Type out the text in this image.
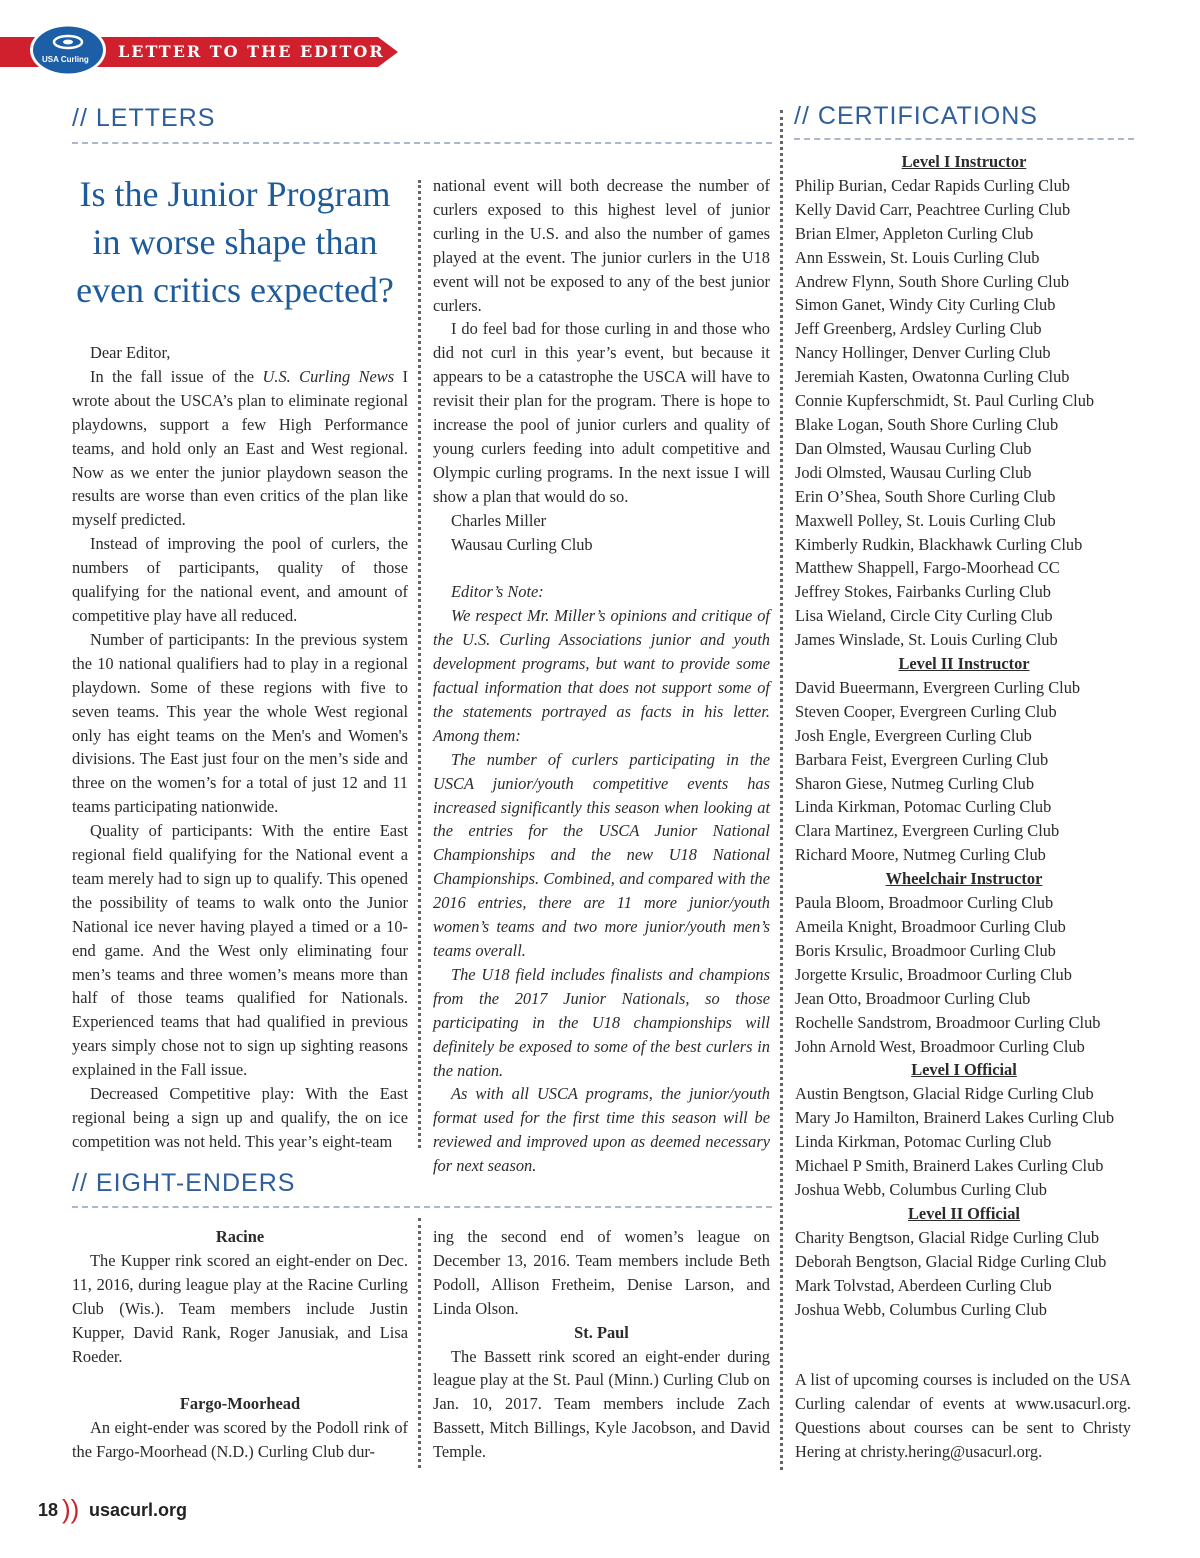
LETTER TO THE EDITOR
USA Curling
// LETTERS	// CERTIFICATIONS
Is the Junior Program in worse shape than even critics expected?

Dear Editor,

In the fall issue of the U.S. Curling News I wrote about the USCA’s plan to eliminate regional playdowns, support a few High Performance teams, and hold only an East and West regional. Now as we enter the junior playdown season the results are worse than even critics of the plan like myself predicted.

Instead of improving the pool of curlers, the numbers of participants, quality of those qualifying for the national event, and amount of competitive play have all reduced.

Number of participants: In the previous system the 10 national qualifiers had to play in a regional playdown. Some of these regions with five to seven teams. This year the whole West regional only has eight teams on the Men's and Women's divisions. The East just four on the men’s side and three on the women’s for a total of just 12 and 11 teams participating nationwide.

Quality of participants: With the entire East regional field qualifying for the National event a team merely had to sign up to qualify. This opened the possibility of teams to walk onto the Junior National ice never having played a timed or a 10-end game. And the West only eliminating four men’s teams and three women’s means more than half of those teams qualified for Nationals. Experienced teams that had qualified in previous years simply chose not to sign up sighting reasons explained in the Fall issue.

Decreased Competitive play: With the East regional being a sign up and qualify, the on ice competition was not held. This year’s eight-team

national event will both decrease the number of curlers exposed to this highest level of junior curling in the U.S. and also the number of games played at the event. The junior curlers in the U18 event will not be exposed to any of the best junior curlers.

I do feel bad for those curling in and those who did not curl in this year’s event, but because it appears to be a catastrophe the USCA will have to revisit their plan for the program. There is hope to increase the pool of junior curlers and quality of young curlers feeding into adult competitive and Olympic curling programs. In the next issue I will show a plan that would do so.

Charles Miller

Wausau Curling Club

Editor’s Note:

We respect Mr. Miller’s opinions and critique of the U.S. Curling Associations junior and youth development programs, but want to provide some factual information that does not support some of the statements portrayed as facts in his letter. Among them:

The number of curlers participating in the USCA junior/youth competitive events has increased significantly this season when looking at the entries for the USCA Junior National Championships and the new U18 National Championships. Combined, and compared with the 2016 entries, there are 11 more junior/youth women’s teams and two more junior/youth men’s teams overall.

The U18 field includes finalists and champions from the 2017 Junior Nationals, so those participating in the U18 championships will definitely be exposed to some of the best curlers in the nation.

As with all USCA programs, the junior/youth format used for the first time this season will be reviewed and improved upon as deemed necessary for next season.

// EIGHT-ENDERS

Racine

The Kupper rink scored an eight-ender on Dec. 11, 2016, during league play at the Racine Curling Club (Wis.). Team members include Justin Kupper, David Rank, Roger Janusiak, and Lisa Roeder.

Fargo-Moorhead

An eight-ender was scored by the Podoll rink of the Fargo-Moorhead (N.D.) Curling Club dur-

ing the second end of women’s league on December 13, 2016. Team members include Beth Podoll, Allison Fretheim, Denise Larson, and Linda Olson.

St. Paul

The Bassett rink scored an eight-ender during league play at the St. Paul (Minn.) Curling Club on Jan. 10, 2017. Team members include Zach Bassett, Mitch Billings, Kyle Jacobson, and David Temple.

Level I Instructor
Philip Burian, Cedar Rapids Curling Club
Kelly David Carr, Peachtree Curling Club
Brian Elmer, Appleton Curling Club
Ann Esswein, St. Louis Curling Club
Andrew Flynn, South Shore Curling Club
Simon Ganet, Windy City Curling Club
Jeff Greenberg, Ardsley Curling Club
Nancy Hollinger, Denver Curling Club
Jeremiah Kasten, Owatonna Curling Club
Connie Kupferschmidt, St. Paul Curling Club
Blake Logan, South Shore Curling Club
Dan Olmsted, Wausau Curling Club
Jodi Olmsted, Wausau Curling Club
Erin O’Shea, South Shore Curling Club
Maxwell Polley, St. Louis Curling Club
Kimberly Rudkin, Blackhawk Curling Club
Matthew Shappell, Fargo-Moorhead CC
Jeffrey Stokes, Fairbanks Curling Club
Lisa Wieland, Circle City Curling Club
James Winslade, St. Louis Curling Club
Level II Instructor
David Bueermann, Evergreen Curling Club
Steven Cooper, Evergreen Curling Club
Josh Engle, Evergreen Curling Club
Barbara Feist, Evergreen Curling Club
Sharon Giese, Nutmeg Curling Club
Linda Kirkman, Potomac Curling Club
Clara Martinez, Evergreen Curling Club
Richard Moore, Nutmeg Curling Club
Wheelchair Instructor
Paula Bloom, Broadmoor Curling Club
Ameila Knight, Broadmoor Curling Club
Boris Krsulic, Broadmoor Curling Club
Jorgette Krsulic, Broadmoor Curling Club
Jean Otto, Broadmoor Curling Club
Rochelle Sandstrom, Broadmoor Curling Club
John Arnold West, Broadmoor Curling Club
Level I Official
Austin Bengtson, Glacial Ridge Curling Club
Mary Jo Hamilton, Brainerd Lakes Curling Club
Linda Kirkman, Potomac Curling Club
Michael P Smith, Brainerd Lakes Curling Club
Joshua Webb, Columbus Curling Club
Level II Official
Charity Bengtson, Glacial Ridge Curling Club
Deborah Bengtson, Glacial Ridge Curling Club
Mark Tolvstad, Aberdeen Curling Club
Joshua Webb, Columbus Curling Club

A list of upcoming courses is included on the USA Curling calendar of events at www.usacurl.org. Questions about courses can be sent to Christy Hering at christy.hering@usacurl.org.

18 )) usacurl.org
